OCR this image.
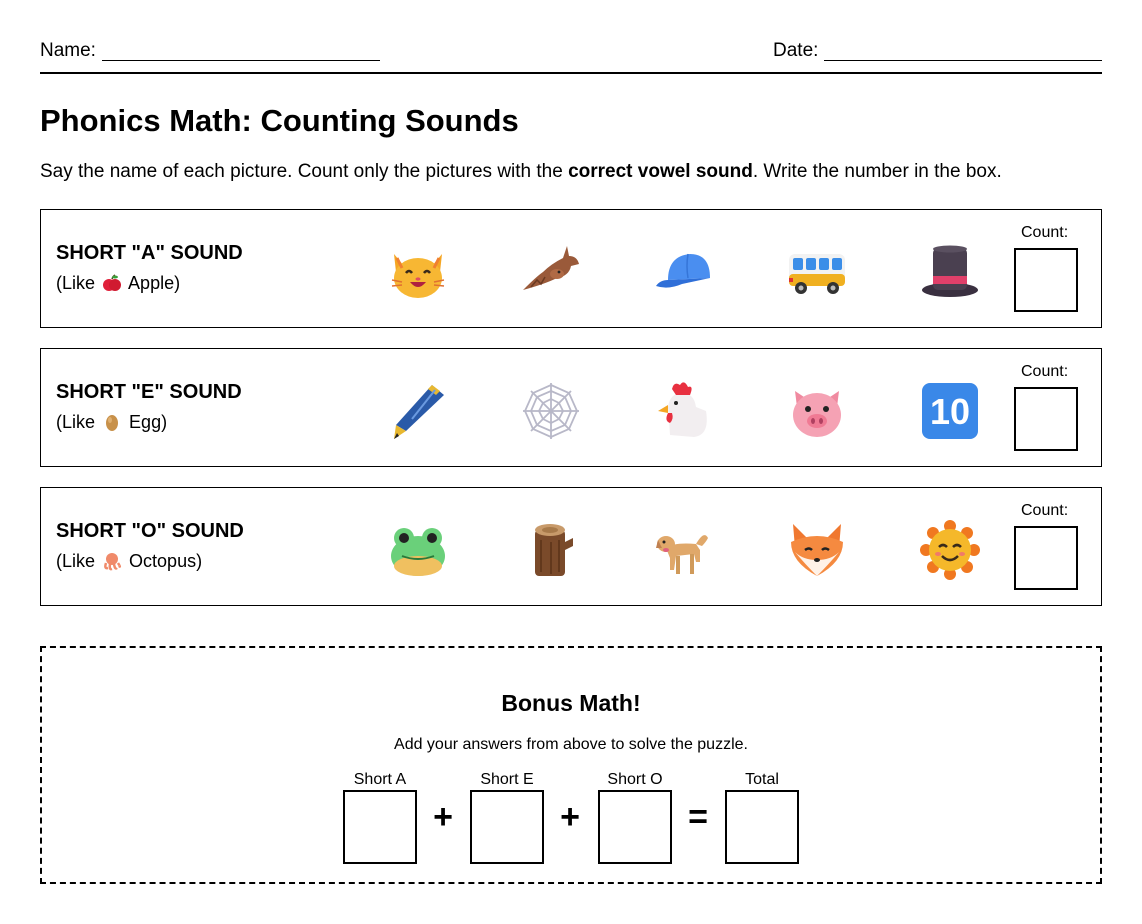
Name:	Date:
Phonics Math: Counting Sounds
Say the name of each picture. Count only the pictures with the correct vowel sound. Write the number in the box.
SHORT "A" SOUND
(Like Apple)
Count:
SHORT "E" SOUND
(Like Egg)	10
Count:
SHORT "O" SOUND
(Like Octopus)
Count:
Bonus Math!
Add your answers from above to solve the puzzle.
Short A
+
Short E
+
Short O
=
Total
